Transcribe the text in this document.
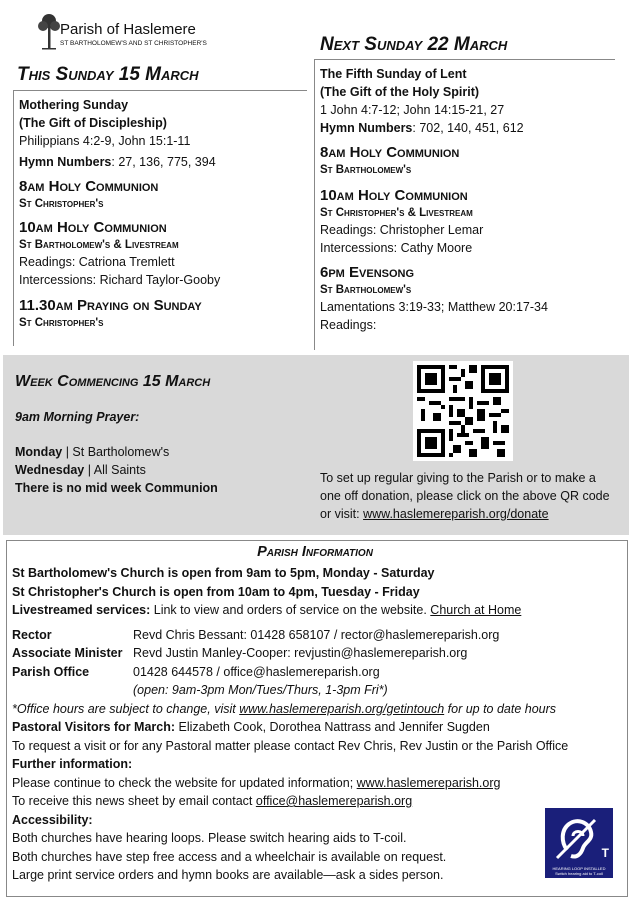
Parish of Haslemere
ST BARTHOLOMEW'S AND ST CHRISTOPHER'S
This Sunday 15 March
Mothering Sunday
(The Gift of Discipleship)
Philippians 4:2-9, John 15:1-11
Hymn Numbers: 27, 136, 775, 394
8am Holy Communion
St Christopher's
10am Holy Communion
St Bartholomew's & Livestream
Readings: Catriona Tremlett
Intercessions: Richard Taylor-Gooby
11.30am Praying on Sunday
St Christopher's
Next Sunday 22 March
The Fifth Sunday of Lent
(The Gift of the Holy Spirit)
1 John 4:7-12; John 14:15-21, 27
Hymn Numbers: 702, 140, 451, 612
8am Holy Communion
St Bartholomew's
10am Holy Communion
St Christopher's & Livestream
Readings: Christopher Lemar
Intercessions: Cathy Moore
6pm Evensong
St Bartholomew's
Lamentations 3:19-33; Matthew 20:17-34
Readings:
Week Commencing 15 March
9am Morning Prayer:
Monday | St Bartholomew's
Wednesday | All Saints
There is no mid week Communion
To set up regular giving to the Parish or to make a one off donation, please click on the above QR code or visit: www.haslemereparish.org/donate
Parish Information
St Bartholomew's Church is open from 9am to 5pm, Monday - Saturday
St Christopher's Church is open from 10am to 4pm, Tuesday - Friday
Livestreamed services: Link to view and orders of service on the website. Church at Home
Rector	Revd Chris Bessant: 01428 658107 / rector@haslemereparish.org
Associate Minister Revd Justin Manley-Cooper: revjustin@haslemereparish.org
Parish Office	01428 644578 / office@haslemereparish.org
(open: 9am-3pm Mon/Tues/Thurs, 1-3pm Fri*)
*Office hours are subject to change, visit www.haslemereparish.org/getintouch for up to date hours
Pastoral Visitors for March: Elizabeth Cook, Dorothea Nattrass and Jennifer Sugden
To request a visit or for any Pastoral matter please contact Rev Chris, Rev Justin or the Parish Office
Further information:
Please continue to check the website for updated information; www.haslemereparish.org
To receive this news sheet by email contact office@haslemereparish.org
Accessibility:
Both churches have hearing loops. Please switch hearing aids to T-coil.
Both churches have step free access and a wheelchair is available on request.
Large print service orders and hymn books are available—ask a sides person.
T
HEARING LOOP INSTALLED Switch hearing aid to T-coil
